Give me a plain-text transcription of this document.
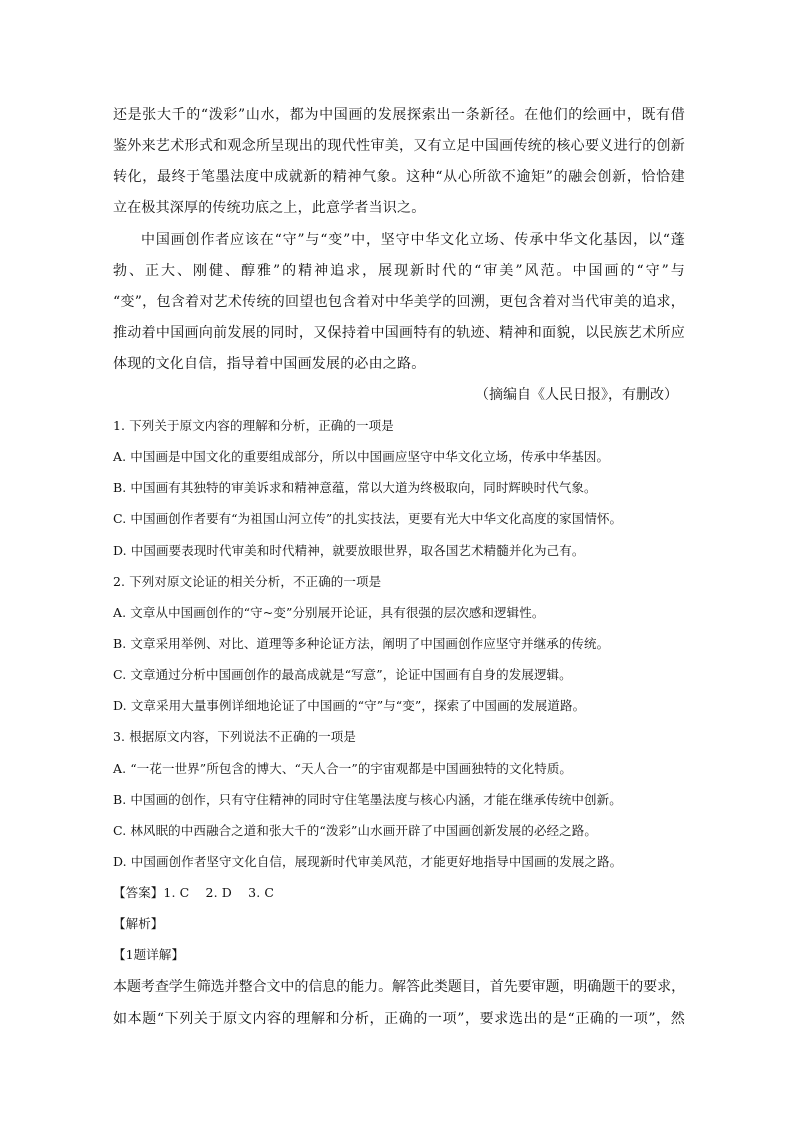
还是张大千的“泼彩”山水，都为中国画的发展探索出一条新径。在他们的绘画中，既有借
鉴外来艺术形式和观念所呈现出的现代性审美，又有立足中国画传统的核心要义进行的创新
转化，最终于笔墨法度中成就新的精神气象。这种“从心所欲不逾矩”的融会创新，恰恰建
立在极其深厚的传统功底之上，此意学者当识之。
中国画创作者应该在“守”与“变”中，坚守中华文化立场、传承中华文化基因，以“蓬
勃、正大、刚健、醇雅”的精神追求，展现新时代的“审美”风范。中国画的“守”与
“变”，包含着对艺术传统的回望也包含着对中华美学的回溯，更包含着对当代审美的追求，
推动着中国画向前发展的同时，又保持着中国画特有的轨迹、精神和面貌，以民族艺术所应
体现的文化自信，指导着中国画发展的必由之路。
（摘编自《人民日报》，有删改）
1. 下列关于原文内容的理解和分析，正确的一项是
A. 中国画是中国文化的重要组成部分，所以中国画应坚守中华文化立场，传承中华基因。
B. 中国画有其独特的审美诉求和精神意蕴，常以大道为终极取向，同时辉映时代气象。
C. 中国画创作者要有“为祖国山河立传”的扎实技法，更要有光大中华文化高度的家国情怀。
D. 中国画要表现时代审美和时代精神，就要放眼世界，取各国艺术精髓并化为己有。
2. 下列对原文论证的相关分析，不正确的一项是
A. 文章从中国画创作的“守~变”分别展开论证，具有很强的层次感和逻辑性。
B. 文章采用举例、对比、道理等多种论证方法，阐明了中国画创作应坚守并继承的传统。
C. 文章通过分析中国画创作的最高成就是“写意”，论证中国画有自身的发展逻辑。
D. 文章采用大量事例详细地论证了中国画的“守”与“变”，探索了中国画的发展道路。
3. 根据原文内容，下列说法不正确的一项是
A. “一花一世界”所包含的博大、“天人合一”的宇宙观都是中国画独特的文化特质。
B. 中国画的创作，只有守住精神的同时守住笔墨法度与核心内涵，才能在继承传统中创新。
C. 林风眠的中西融合之道和张大千的“泼彩”山水画开辟了中国画创新发展的必经之路。
D. 中国画创作者坚守文化自信，展现新时代审美风范，才能更好地指导中国画的发展之路。
【答案】1. C    2. D    3. C
【解析】
【1题详解】
本题考查学生筛选并整合文中的信息的能力。解答此类题目，首先要审题，明确题干的要求，
如本题“下列关于原文内容的理解和分析，正确的一项”，要求选出的是“正确的一项”，然
